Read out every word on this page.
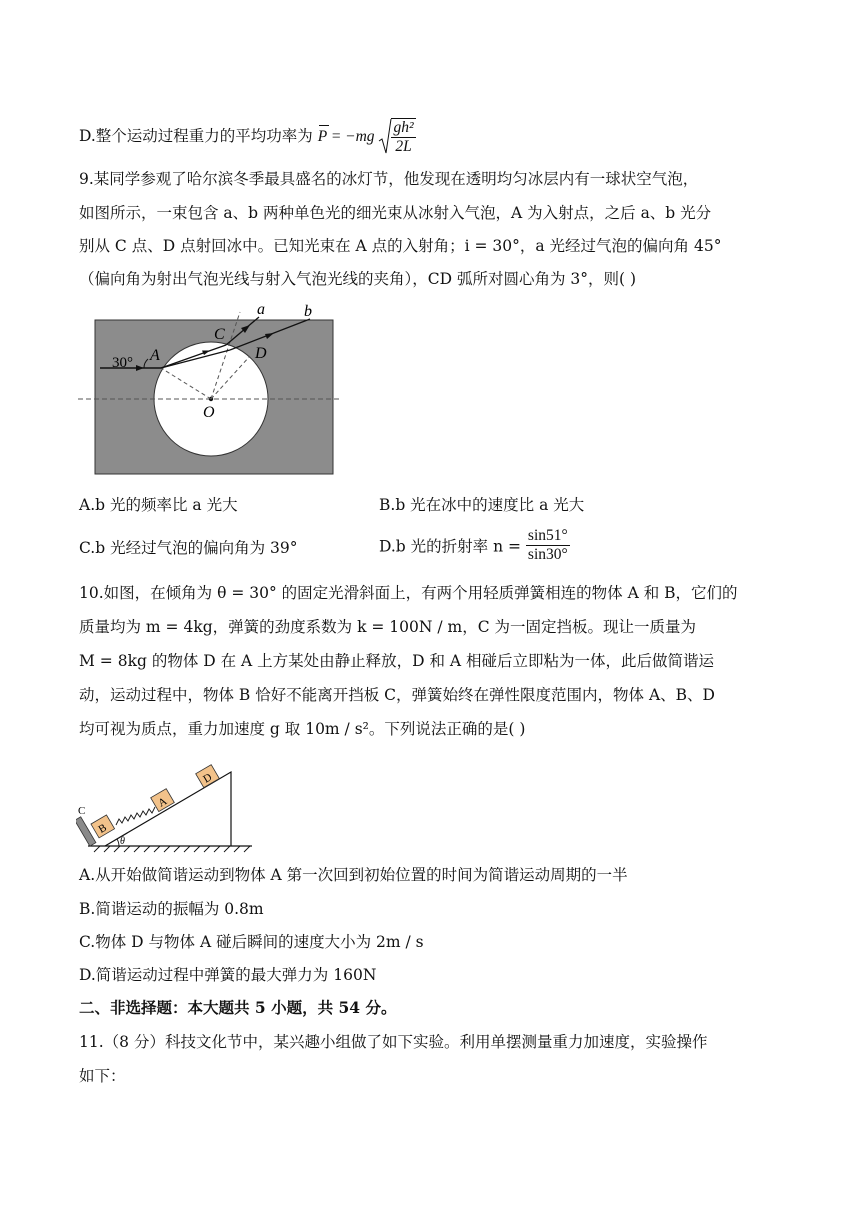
D.整个运动过程重力的平均功率为 $P = -mg \frac{\text{gh²}}{2L}$
9.某同学参观了哈尔滨冬季最具盛名的冰灯节，他发现在透明均匀冰层内有一球状空气泡，
如图所示，一束包含 a、b 两种单色光的细光束从冰射入气泡，A 为入射点，之后 a、b 光分
别从 C 点、D 点射回冰中。已知光束在 A 点的入射角；i = 30°，a 光经过气泡的偏向角 45°
（偏向角为射出气泡光线与射入气泡光线的夹角），CD 弧所对圆心角为 3°，则( )
30° A
C
D
O
a b
A.b 光的频率比 a 光大	B.b 光在冰中的速度比 a 光大
C.b 光经过气泡的偏向角为 39°	D.b 光的折射率 $n = \frac{\sin 51^\circ}{\sin 30^\circ}$
10.如图，在倾角为 θ = 30° 的固定光滑斜面上，有两个用轻质弹簧相连的物体 A 和 B，它们的
质量均为 m = 4kg，弹簧的劲度系数为 k = 100N / m，C 为一固定挡板。现让一质量为
M = 8kg 的物体 D 在 A 上方某处由静止释放，D 和 A 相碰后立即粘为一体，此后做简谐运
动，运动过程中，物体 B 恰好不能离开挡板 C，弹簧始终在弹性限度范围内，物体 A、B、D
均可视为质点，重力加速度 g 取 10m / s²。下列说法正确的是( )
C
B
A
D
θ
A.从开始做简谐运动到物体 A 第一次回到初始位置的时间为简谐运动周期的一半
B.简谐运动的振幅为 0.8m
C.物体 D 与物体 A 碰后瞬间的速度大小为 2m / s
D.简谐运动过程中弹簧的最大弹力为 160N
二、非选择题：本大题共 5 小题，共 54 分。
11.（8 分）科技文化节中，某兴趣小组做了如下实验。利用单摆测量重力加速度，实验操作
如下：
